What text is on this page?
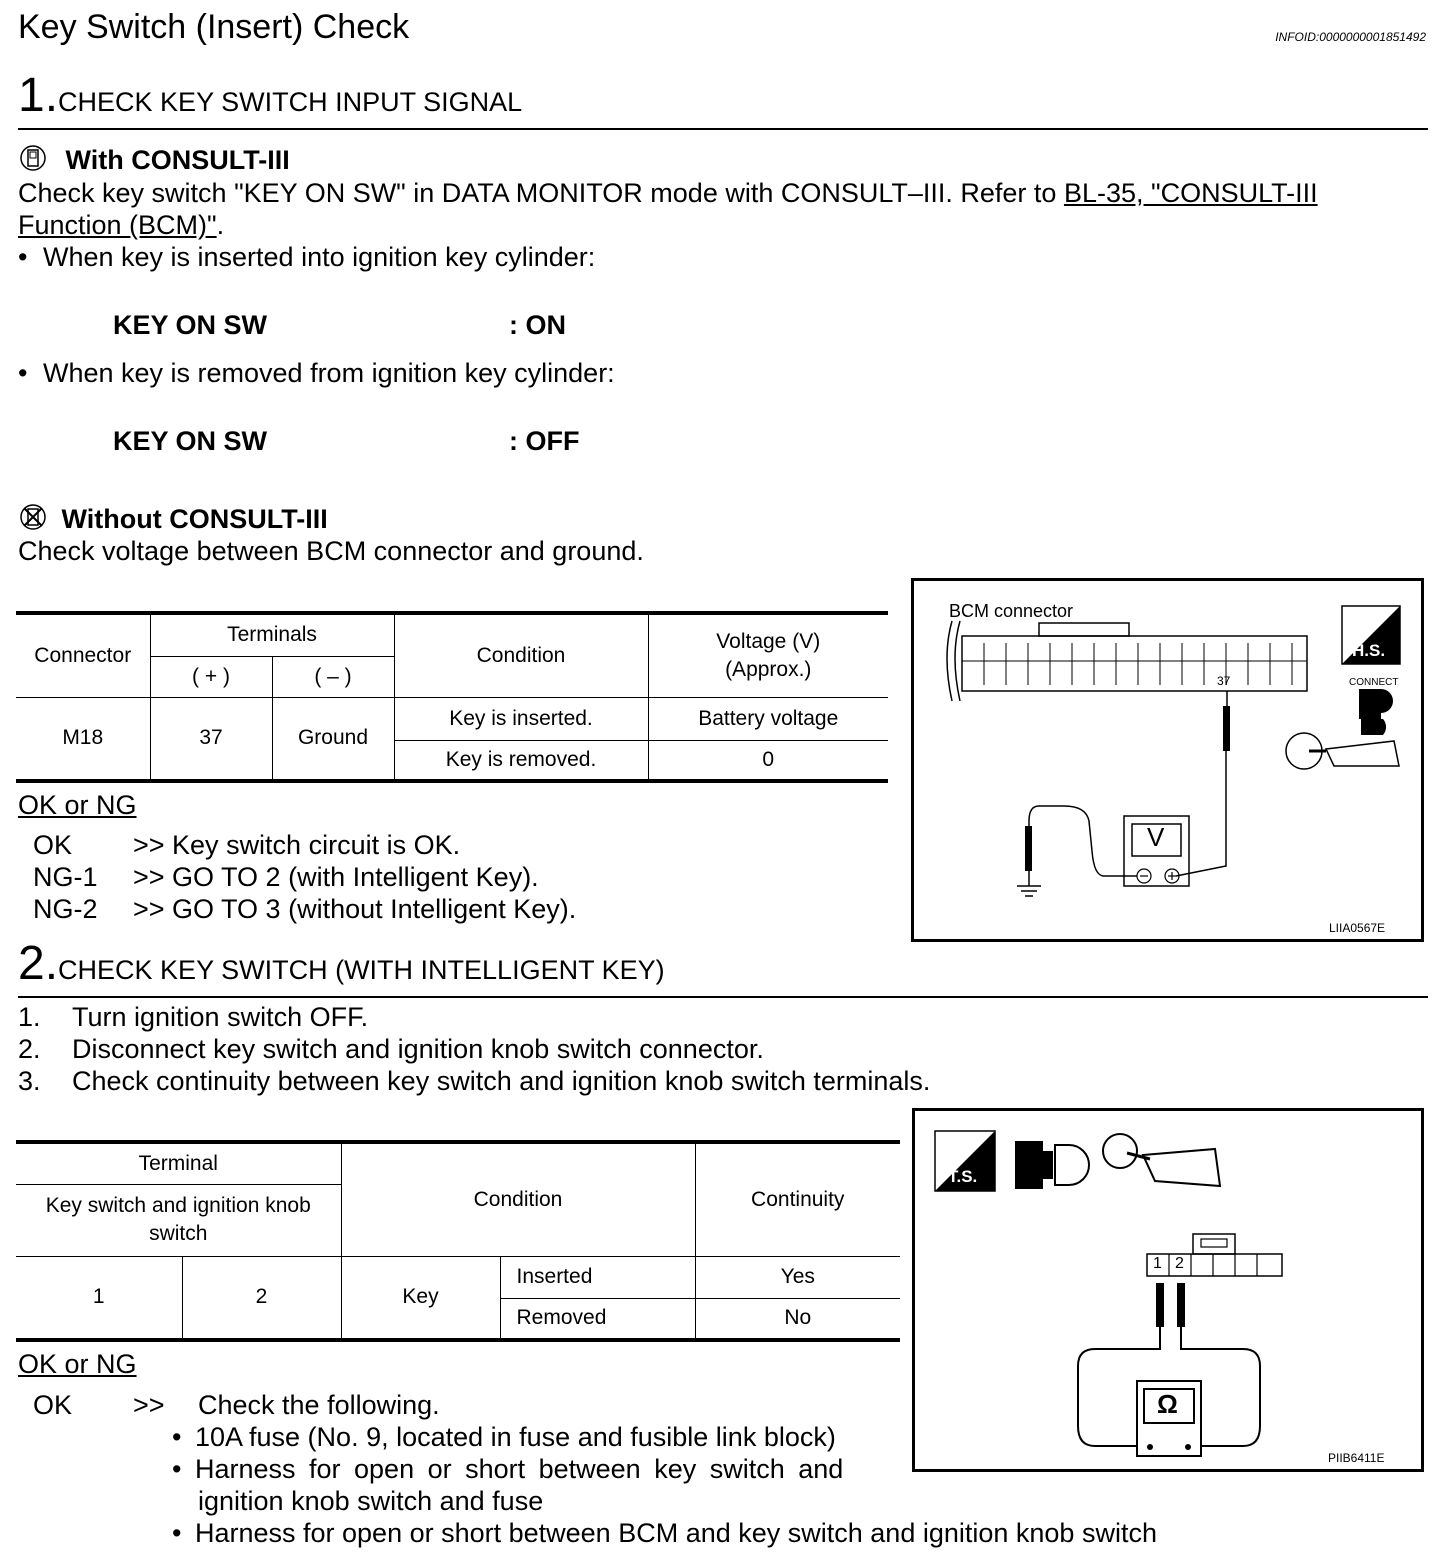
Key Switch (Insert) Check	INFOID:0000000001851492
1.CHECK KEY SWITCH INPUT SIGNAL
With CONSULT-III
Check key switch "KEY ON SW" in DATA MONITOR mode with CONSULT–III. Refer to BL-35, "CONSULT-III
Function (BCM)".
• When key is inserted into ignition key cylinder:
KEY ON SW	: ON
• When key is removed from ignition key cylinder:
KEY ON SW	: OFF
Without CONSULT-III
Check voltage between BCM connector and ground.
Connector	Terminals		Condition	Voltage (V)
(Approx.)

	( + )	( – )		
M18	37	Ground	Key is inserted.	Battery voltage
			Key is removed.	0
OK or NG
OK >> Key switch circuit is OK.
NG-1 >> GO TO 2 (with Intelligent Key).
NG-2 >> GO TO 3 (without Intelligent Key).
BCM connector
37
H.S.
CONNECT
V
LIIA0567E
2.CHECK KEY SWITCH (WITH INTELLIGENT KEY)
1. Turn ignition switch OFF.
2. Disconnect key switch and ignition knob switch connector.
3. Check continuity between key switch and ignition knob switch terminals.
Terminal		Condition		Continuity

Key switch and ignition knob
switch				

1	2	Key	Inserted	Yes
			Removed	No
OK or NG
OK >> Check the following.
• 10A fuse (No. 9, located in fuse and fusible link block)
• Harness for open or short between key switch and
ignition knob switch and fuse
• Harness for open or short between BCM and key switch and ignition knob switch
T.S.
1 2
Ω
PIIB6411E
